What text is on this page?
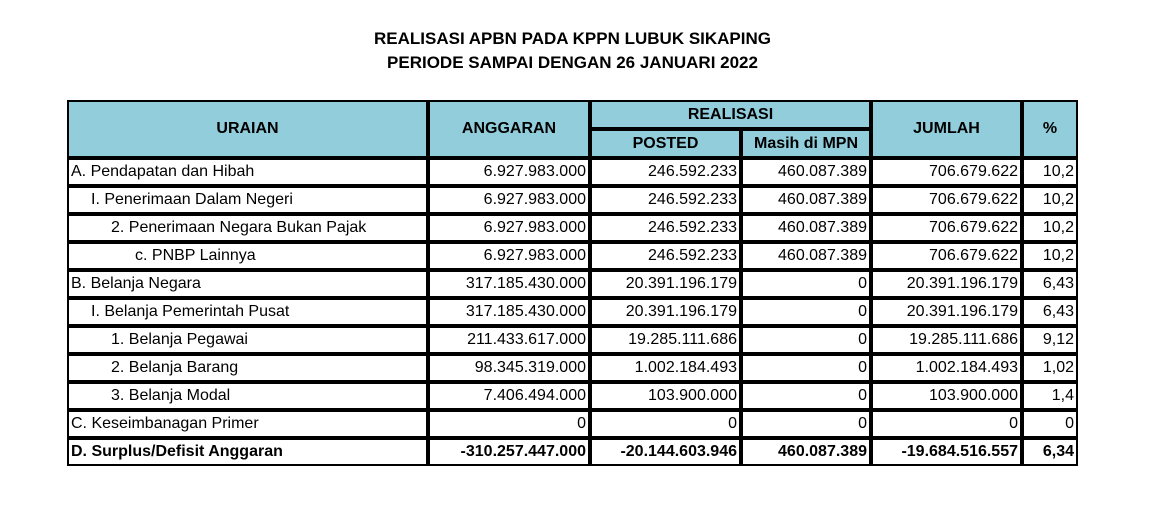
REALISASI APBN PADA KPPN LUBUK SIKAPING
PERIODE SAMPAI DENGAN 26 JANUARI 2022
URAIAN	ANGGARAN	REALISASI		JUMLAH	%
		POSTED	Masih di MPN		
A. Pendapatan dan Hibah	6.927.983.000	246.592.233	460.087.389	706.679.622	10,2
I. Penerimaan Dalam Negeri	6.927.983.000	246.592.233	460.087.389	706.679.622	10,2
2. Penerimaan Negara Bukan Pajak	6.927.983.000	246.592.233	460.087.389	706.679.622	10,2
c. PNBP Lainnya	6.927.983.000	246.592.233	460.087.389	706.679.622	10,2
B. Belanja Negara	317.185.430.000	20.391.196.179	0	20.391.196.179	6,43
I. Belanja Pemerintah Pusat	317.185.430.000	20.391.196.179	0	20.391.196.179	6,43
1. Belanja Pegawai	211.433.617.000	19.285.111.686	0	19.285.111.686	9,12
2. Belanja Barang	98.345.319.000	1.002.184.493	0	1.002.184.493	1,02
3. Belanja Modal	7.406.494.000	103.900.000	0	103.900.000	1,4
C. Keseimbanagan Primer	0	0	0	0	0
D. Surplus/Defisit Anggaran	-310.257.447.000	-20.144.603.946	460.087.389	-19.684.516.557	6,34
